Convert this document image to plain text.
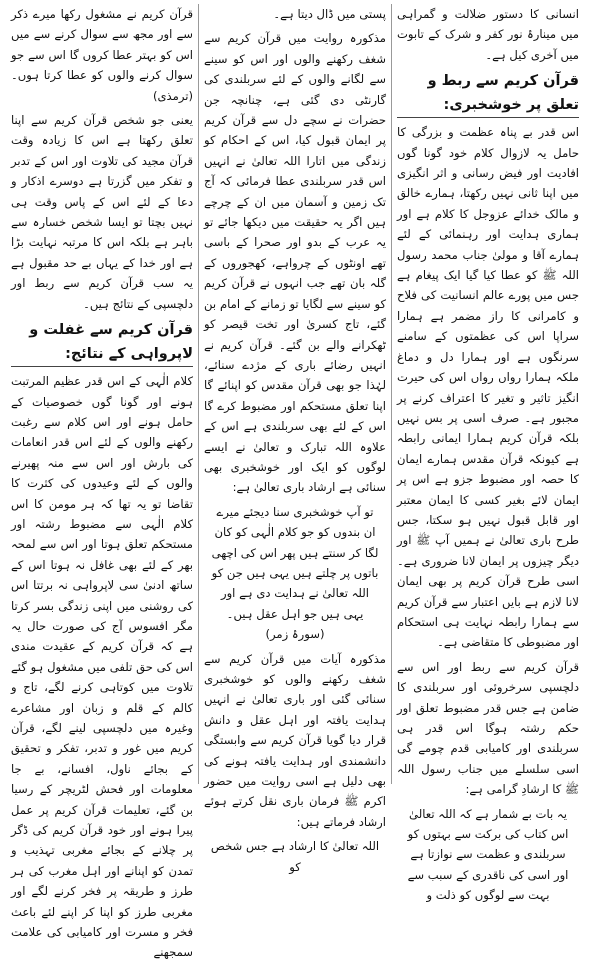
انسانی کا دستور ضلالت و گمراہی میں مینارۂ نور کفر و شرک کے تابوت میں آخری کیل ہے۔

قرآن کریم سے ربط و تعلق پر خوشخبری:

اس قدر بے پناہ عظمت و بزرگی کا حامل یہ لازوال کلام خود گونا گوں افادیت اور فیض رسانی و اثر انگیزی میں اپنا ثانی نہیں رکھتا، ہمارے خالق و مالک خدائے عزوجل کا کلام ہے اور ہماری ہدایت اور رہنمائی کے لئے ہمارے آقا و مولیٰ جناب محمد رسول اللہ ﷺ کو عطا کیا گیا ایک پیغام ہے جس میں پورے عالم انسانیت کی فلاح و کامرانی کا راز مضمر ہے ہمارا سراپا اس کی عظمتوں کے سامنے سرنگوں ہے اور ہمارا دل و دماغ ملکہ ہمارا رواں رواں اس کی حیرت انگیز تاثیر و تغیر کا اعتراف کرنے پر مجبور ہے۔ صرف اسی پر بس نہیں بلکہ قرآن کریم ہمارا ایمانی رابطہ ہے کیونکہ قرآن مقدس ہمارے ایمان کا حصہ اور مضبوط جزو ہے اس پر ایمان لائے بغیر کسی کا ایمان معتبر اور قابل قبول نہیں ہو سکتا، جس طرح باری تعالیٰ نے ہمیں آپ ﷺ اور دیگر چیزوں پر ایمان لانا ضروری ہے۔ اسی طرح قرآن کریم پر بھی ایمان لانا لازم ہے بایں اعتبار سے قرآن کریم سے ہمارا رابطہ نہایت ہی استحکام اور مضبوطی کا متقاضی ہے۔

قرآن کریم سے ربط اور اس سے دلچسپی سرخروئی اور سربلندی کا ضامن ہے جس قدر مضبوط تعلق اور حکم رشتہ ہوگا اس قدر ہی سربلندی اور کامیابی قدم چومے گی اسی سلسلے میں جناب رسول اللہ ﷺ کا ارشادِ گرامی ہے:

یہ بات بے شمار ہے کہ اللہ تعالیٰ اس کتاب کی برکت سے بہتوں کو سربلندی و عظمت سے نوازتا ہے اور اسی کی ناقدری کے سبب سے بہت سے لوگوں کو ذلت و

پستی میں ڈال دیتا ہے۔

مذکورہ روایت میں قرآن کریم سے شغف رکھنے والوں اور اس کو سینے سے لگانے والوں کے لئے سربلندی کی گارنٹی دی گئی ہے، چنانچہ جن حضرات نے سچے دل سے قرآن کریم پر ایمان قبول کیا، اس کے احکام کو زندگی میں اتارا اللہ تعالیٰ نے انہیں اس قدر سربلندی عطا فرمائی کہ آج تک زمین و آسمان میں ان کے چرچے ہیں اگر یہ حقیقت میں دیکھا جائے تو یہ عرب کے بدو اور صحرا کے باسی تھے اونٹوں کے چرواہے، کھجوروں کے گلہ بان تھے جب انہوں نے قرآن کریم کو سینے سے لگایا تو زمانے کے امام بن گئے، تاج کسریٰ اور تخت قیصر کو ٹھکرانے والے بن گئے۔ قرآن کریم نے انہیں رضائے باری کے مژدے سنائے، لہٰذا جو بھی قرآن مقدس کو اپنائے گا اپنا تعلق مستحکم اور مضبوط کرے گا اس کے لئے بھی سربلندی ہے اس کے علاوہ اللہ تبارک و تعالیٰ نے ایسے لوگوں کو ایک اور خوشخبری بھی سنائی ہے ارشاد باری تعالیٰ ہے:

تو آپ خوشخبری سنا دیجئے میرے ان بندوں کو جو کلام الٰہی کو کان لگا کر سنتے ہیں پھر اس کی اچھی باتوں پر چلتے ہیں یہی ہیں جن کو اللہ تعالیٰ نے ہدایت دی ہے اور یہی ہیں جو اہل عقل ہیں۔ (سورۂ زمر)

مذکورہ آیات میں قرآن کریم سے شغف رکھنے والوں کو خوشخبری سنائی گئی اور باری تعالیٰ نے انہیں ہدایت یافتہ اور اہل عقل و دانش قرار دیا گویا قرآن کریم سے وابستگی دانشمندی اور ہدایت یافتہ ہونے کی بھی دلیل ہے اسی روایت میں حضور اکرم ﷺ فرمان باری نقل کرتے ہوئے ارشاد فرماتے ہیں:

اللہ تعالیٰ کا ارشاد ہے جس شخص کو

قرآن کریم نے مشغول رکھا میرے ذکر سے اور مجھ سے سوال کرنے سے میں اس کو بہتر عطا کروں گا اس سے جو سوال کرنے والوں کو عطا کرتا ہوں۔ (ترمذی)

یعنی جو شخص قرآن کریم سے اپنا تعلق رکھتا ہے اس کا زیادہ وقت قرآن مجید کی تلاوت اور اس کے تدبر و تفکر میں گزرتا ہے دوسرے اذکار و دعا کے لئے اس کے پاس وقت ہی نہیں بچتا تو ایسا شخص خسارہ سے باہر ہے بلکہ اس کا مرتبہ نہایت بڑا ہے اور خدا کے یہاں بے حد مقبول ہے یہ سب قرآن کریم سے ربط اور دلچسپی کے نتائج ہیں۔

قرآن کریم سے غفلت و لاپرواہی کے نتائج:

کلام الٰہی کے اس قدر عظیم المرتبت ہونے اور گونا گوں خصوصیات کے حامل ہونے اور اس کلام سے رغبت رکھنے والوں کے لئے اس قدر انعامات کی بارش اور اس سے منہ پھیرنے والوں کے لئے وعیدوں کی کثرت کا تقاضا تو یہ تھا کہ ہر مومن کا اس کلام الٰہی سے مضبوط رشتہ اور مستحکم تعلق ہوتا اور اس سے لمحہ بھر کے لئے بھی غافل نہ ہوتا اس کے ساتھ ادنیٰ سی لاپرواہی نہ برتتا اس کی روشنی میں اپنی زندگی بسر کرتا مگر افسوس آج کی صورت حال یہ ہے کہ قرآن کریم کے عقیدت مندی اس کی حق تلفی میں مشغول ہو گئے تلاوت میں کوتاہی کرنے لگے، تاج و کالم کے قلم و زبان اور مشاعرے وغیرہ میں دلچسپی لینے لگے، قرآن کریم میں غور و تدبر، تفکر و تحقیق کے بجائے ناول، افسانے، بے جا معلومات اور فحش لٹریچر کے رسیا بن گئے، تعلیمات قرآن کریم پر عمل پیرا ہونے اور خود قرآن کریم کی ڈگر پر چلانے کے بجائے مغربی تہذیب و تمدن کو اپنانے اور اہل مغرب کی ہر طرز و طریقہ پر فخر کرنے لگے اور مغربی طرز کو اپنا کر اپنے لئے باعث فخر و مسرت اور کامیابی کی علامت سمجھنے
